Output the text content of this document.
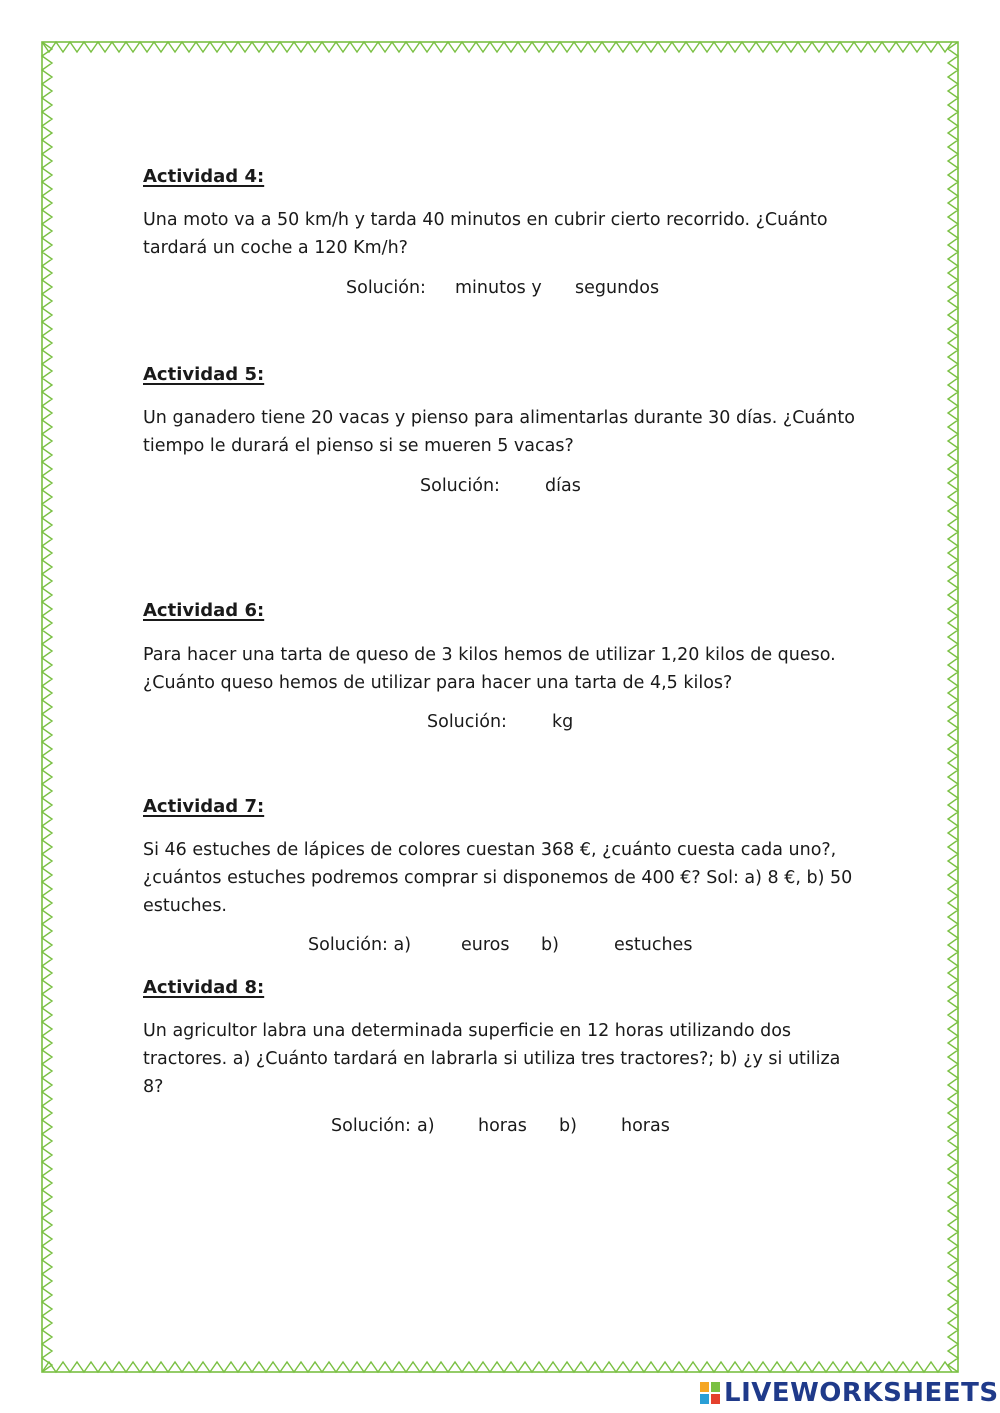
Actividad 4:

Una moto va a 50 km/h y tarda 40 minutos en cubrir cierto recorrido. ¿Cuánto tardará un coche a 120 Km/h?

Solución:

minutos y

segundos

Actividad 5:

Un ganadero tiene 20 vacas y pienso para alimentarlas durante 30 días. ¿Cuánto tiempo le durará el pienso si se mueren 5 vacas?

Solución:

	días

Actividad 6:

Para hacer una tarta de queso de 3 kilos hemos de utilizar 1,20 kilos de queso. ¿Cuánto queso hemos de utilizar para hacer una tarta de 4,5 kilos?

Solución:

	kg

Actividad 7:

Si 46 estuches de lápices de colores cuestan 368 €, ¿cuánto cuesta cada uno?, ¿cuántos estuches podremos comprar si disponemos de 400 €? Sol: a) 8 €, b) 50 estuches.

Solución: a)

	euros

b)

	estuches

Actividad 8:

Un agricultor labra una determinada superficie en 12 horas utilizando dos tractores. a) ¿Cuánto tardará en labrarla si utiliza tres tractores?; b) ¿y si utiliza 8?

Solución:

a)

horas

b)

	horas

LIVEWORKSHEETS
